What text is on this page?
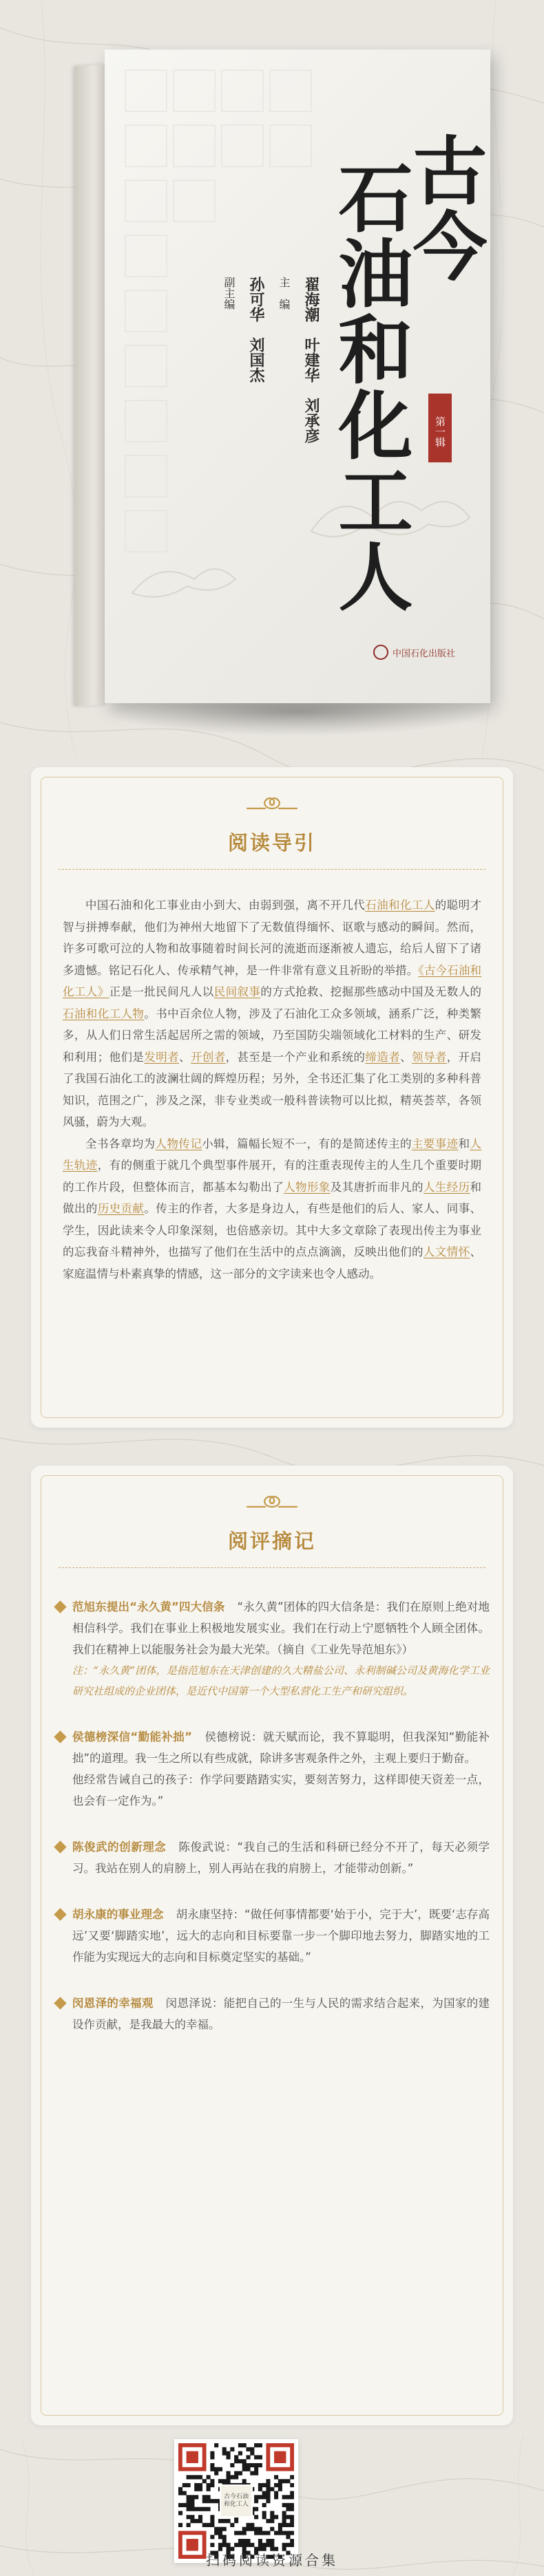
古今石油和化工人
翟海潮　叶建华　刘承彦
主　编
孙可华　刘国杰
副主编
第一辑
中国石化出版社
阅读导引

中国石油和化工事业由小到大、由弱到强，离不开几代石油和化工人的聪明才智与拼搏奉献，他们为神州大地留下了无数值得缅怀、讴歌与感动的瞬间。然而，许多可歌可泣的人物和故事随着时间长河的流逝而逐渐被人遗忘，给后人留下了诸多遗憾。铭记石化人、传承精气神，是一件非常有意义且祈盼的举措。《古今石油和化工人》正是一批民间凡人以民间叙事的方式抢救、挖掘那些感动中国及无数人的石油和化工人物。书中百余位人物，涉及了石油化工众多领域，涵系广泛，种类繁多，从人们日常生活起居所之需的领域，乃至国防尖端领域化工材料的生产、研发和利用；他们是发明者、开创者，甚至是一个产业和系统的缔造者、领导者，开启了我国石油化工的波澜壮阔的辉煌历程；另外，全书还汇集了化工类别的多种科普知识，范围之广，涉及之深，非专业类或一般科普读物可以比拟，精英荟萃，各领风骚，蔚为大观。

全书各章均为人物传记小辑，篇幅长短不一，有的是简述传主的主要事迹和人生轨迹，有的侧重于就几个典型事件展开，有的注重表现传主的人生几个重要时期的工作片段，但整体而言，都基本勾勒出了人物形象及其唐折而非凡的人生经历和做出的历史贡献。传主的作者，大多是身边人，有些是他们的后人、家人、同事、学生，因此读来令人印象深刻，也倍感亲切。其中大多文章除了表现出传主为事业的忘我奋斗精神外，也描写了他们在生活中的点点滴滴，反映出他们的人文情怀、家庭温情与朴素真挚的情感，这一部分的文字读来也令人感动。

阅评摘记
范旭东提出“永久黄”四大信条 “永久黄”团体的四大信条是：我们在原则上绝对地相信科学。我们在事业上积极地发展实业。我们在行动上宁愿牺牲个人顾全团体。我们在精神上以能服务社会为最大光荣。（摘自《工业先导范旭东》）
注：“永久黄”团体，是指范旭东在天津创建的久大精盐公司、永利制碱公司及黄海化学工业研究社组成的企业团体，是近代中国第一个大型私营化工生产和研究组织。
侯德榜深信“勤能补拙” 侯德榜说：就天赋而论，我不算聪明，但我深知“勤能补拙”的道理。我一生之所以有些成就，除讲多害观条件之外，主观上要归于勤奋。
他经常告诫自己的孩子：作学问要踏踏实实，要刻苦努力，这样即使天资差一点，也会有一定作为。”
陈俊武的创新理念 陈俊武说：“我自己的生活和科研已经分不开了，每天必须学习。我站在别人的肩膀上，别人再站在我的肩膀上，才能带动创新。”
胡永康的事业理念 胡永康坚持：“做任何事情都要‘始于小，完于大’，既要‘志存高远’又要‘脚踏实地’，远大的志向和目标要靠一步一个脚印地去努力，脚踏实地的工作能为实现远大的志向和目标奠定坚实的基础。”
闵恩泽的幸福观 闵恩泽说：能把自己的一生与人民的需求结合起来，为国家的建设作贡献，是我最大的幸福。
古今石油和化工人
扫码阅读资源合集
